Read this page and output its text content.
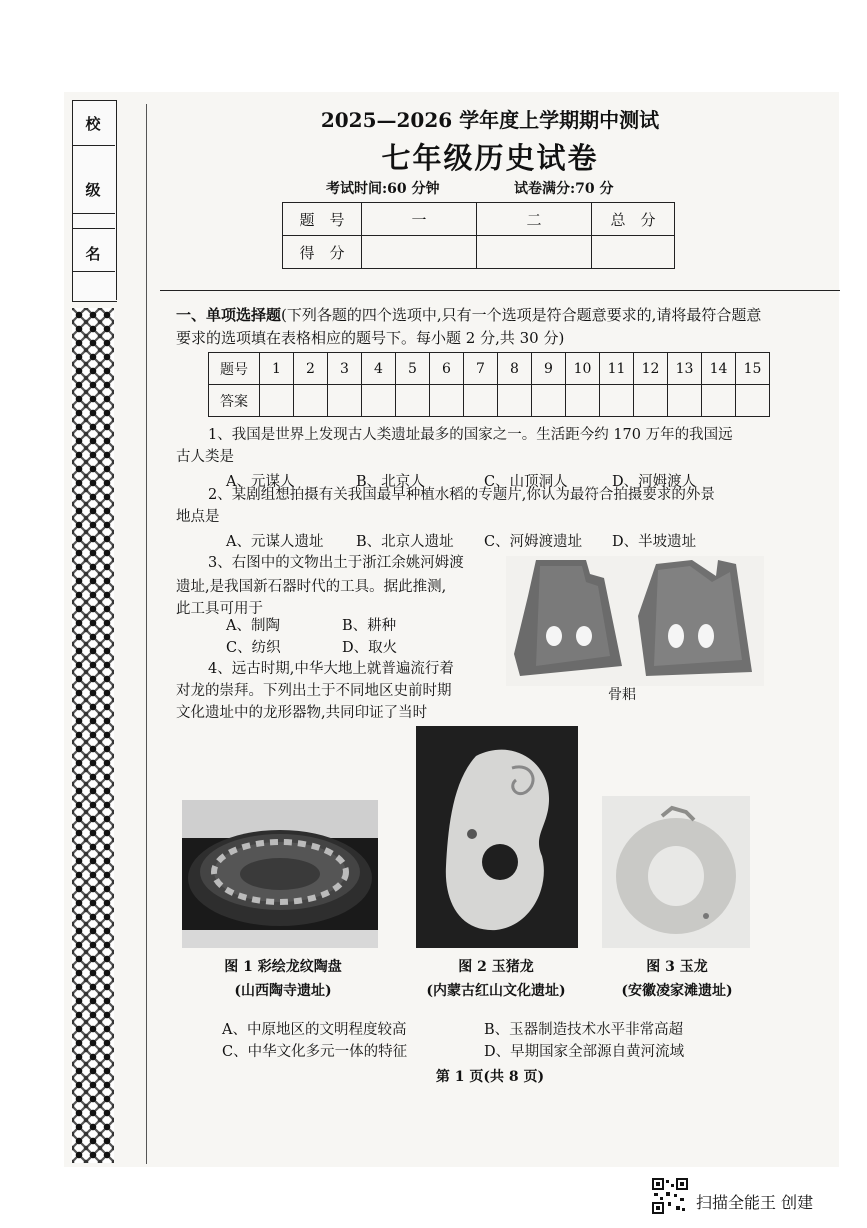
校
级
名
2025—2026 学年度上学期期中测试
七年级历史试卷
考试时间:60 分钟	试卷满分:70 分
题　号	一	二	总　分
得　分			
一、单项选择题(下列各题的四个选项中,只有一个选项是符合题意要求的,请将最符合题意要求的选项填在表格相应的题号下。每小题 2 分,共 30 分)
题号	1	2	3	4	5	6	7	8	9	10	11	12	13	14	15
答案															
1、我国是世界上发现古人类遗址最多的国家之一。生活距今约 170 万年的我国远
古人类是
A、元谋人	B、北京人	C、山顶洞人	D、河姆渡人
2、某剧组想拍摄有关我国最早种植水稻的专题片,你认为最符合拍摄要求的外景
地点是
A、元谋人遗址 B、北京人遗址 C、河姆渡遗址 D、半坡遗址
3、右图中的文物出土于浙江余姚河姆渡
遗址,是我国新石器时代的工具。据此推测,
此工具可用于
A、制陶	B、耕种
C、纺织	D、取火
骨耜
4、远古时期,中华大地上就普遍流行着
对龙的崇拜。下列出土于不同地区史前时期
文化遗址中的龙形器物,共同印证了当时
图 1 彩绘龙纹陶盘
(山西陶寺遗址)
图 2 玉猪龙
(内蒙古红山文化遗址)
图 3 玉龙
(安徽凌家滩遗址)
A、中原地区的文明程度较高	B、玉器制造技术水平非常高超
C、中华文化多元一体的特征	D、早期国家全部源自黄河流域
第 1 页(共 8 页)
扫描全能王 创建
